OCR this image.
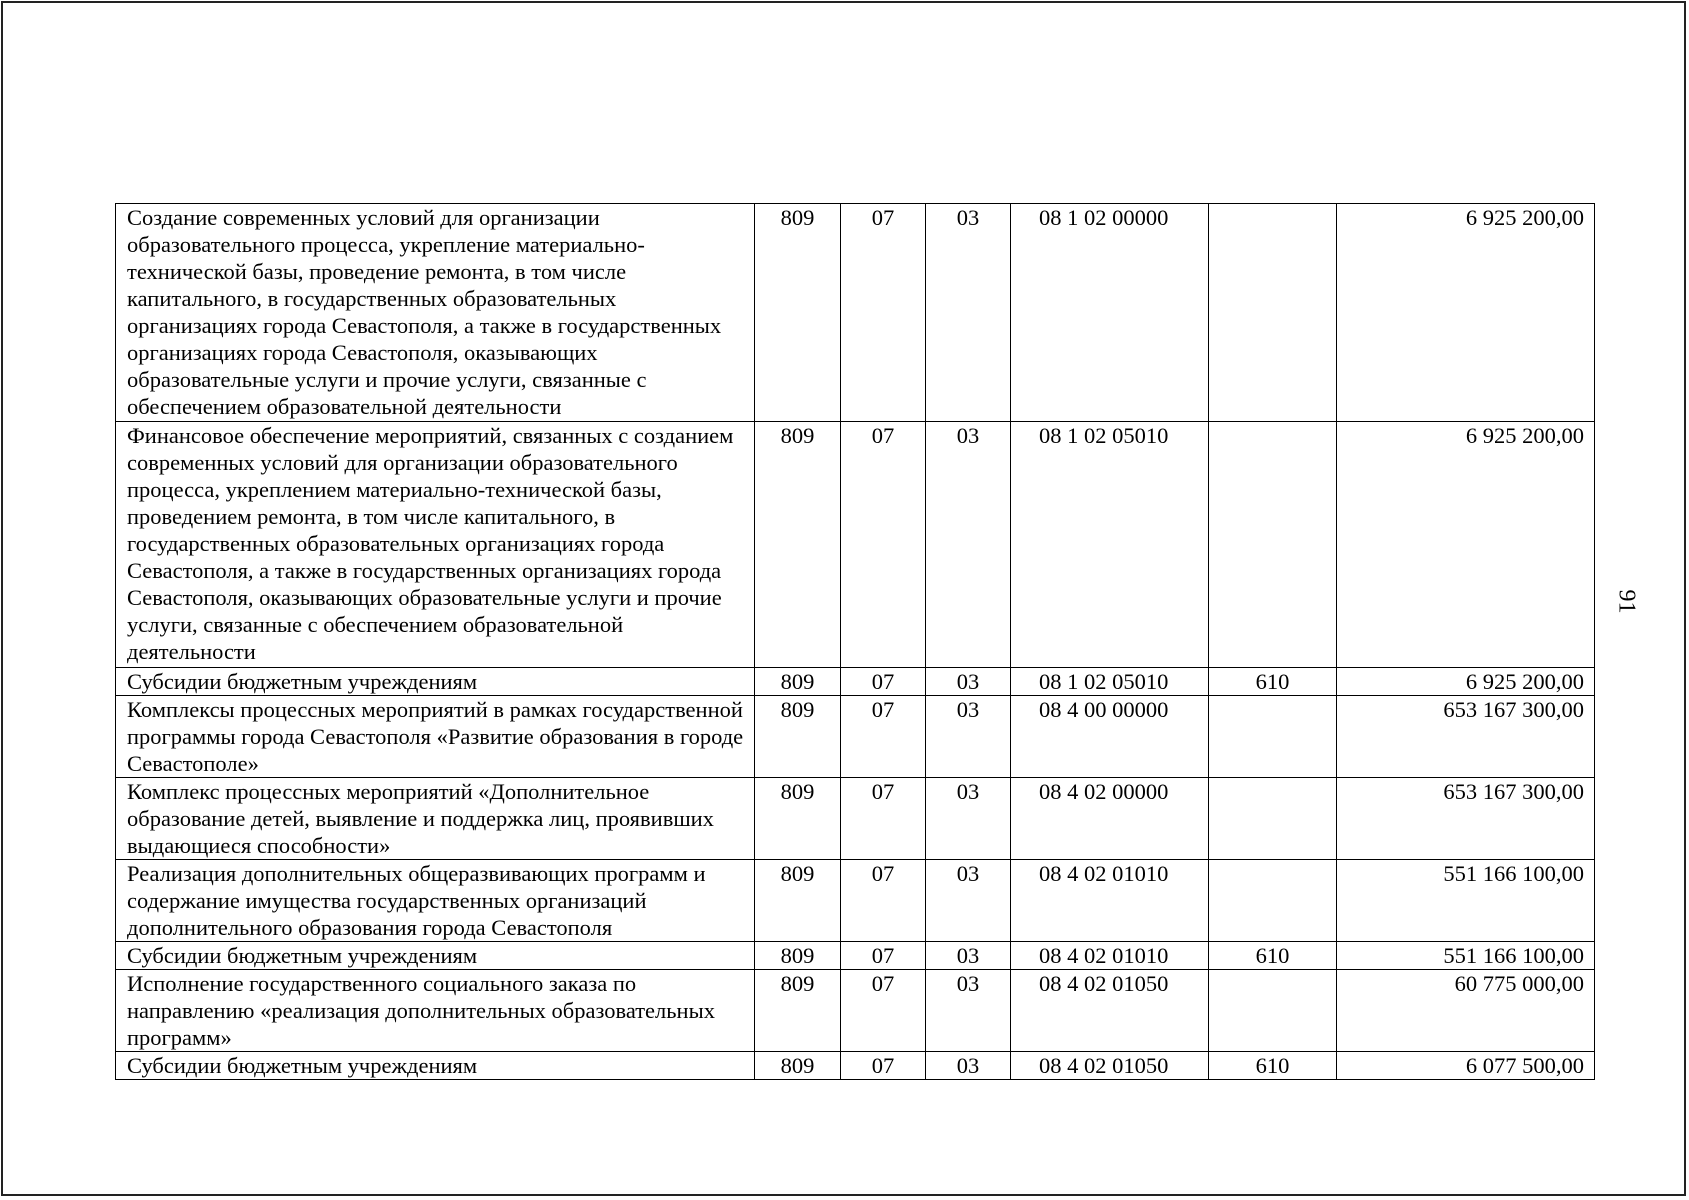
Создание современных условий для организации образовательного процесса, укрепление материально-технической базы, проведение ремонта, в том числе капитального, в государственных образовательных организациях города Севастополя, а также в государственных организациях города Севастополя, оказывающих образовательные услуги и прочие услуги, связанные с обеспечением образовательной деятельности	809	07	03	08 1 02 00000		6 925 200,00
Финансовое обеспечение мероприятий, связанных с созданием современных условий для организации образовательного процесса, укреплением материально-технической базы, проведением ремонта, в том числе капитального, в государственных образовательных организациях города Севастополя, а также в государственных организациях города Севастополя, оказывающих образовательные услуги и прочие услуги, связанные с обеспечением образовательной деятельности	809	07	03	08 1 02 05010		6 925 200,00
Субсидии бюджетным учреждениям	809	07	03	08 1 02 05010	610	6 925 200,00
Комплексы процессных мероприятий в рамках государственной программы города Севастополя «Развитие образования в городе Севастополе»	809	07	03	08 4 00 00000		653 167 300,00
Комплекс процессных мероприятий «Дополнительное образование детей, выявление и поддержка лиц, проявивших выдающиеся способности»	809	07	03	08 4 02 00000		653 167 300,00
Реализация дополнительных общеразвивающих программ и содержание имущества государственных организаций дополнительного образования города Севастополя	809	07	03	08 4 02 01010		551 166 100,00
Субсидии бюджетным учреждениям	809	07	03	08 4 02 01010	610	551 166 100,00
Исполнение государственного социального заказа по направлению «реализация дополнительных образовательных программ»	809	07	03	08 4 02 01050		60 775 000,00
Субсидии бюджетным учреждениям	809	07	03	08 4 02 01050	610	6 077 500,00
91
